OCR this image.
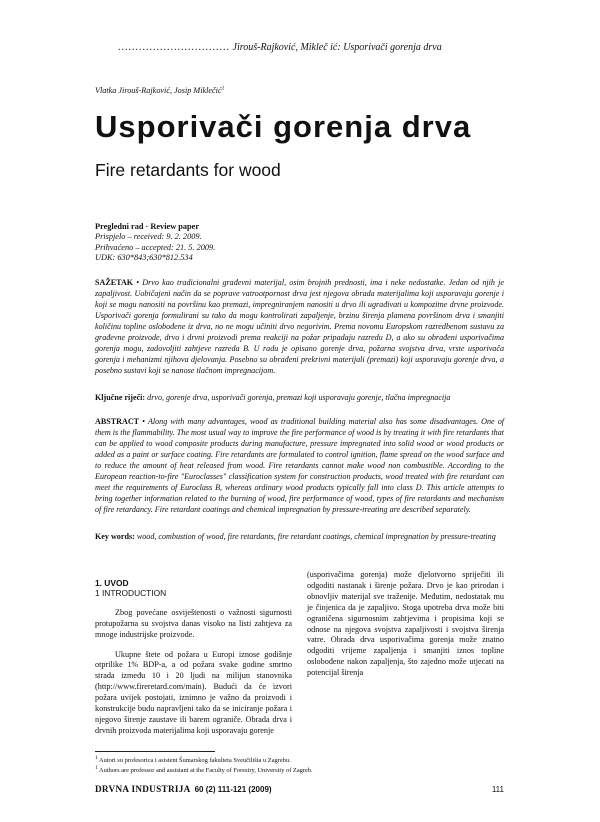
................................ Jirouš-Rajković, Mikleč ić: Usporivači gorenja drva
Vlatka Jirouš-Rajković, Josip Miklečić$^1$
Usporivači gorenja drva
Fire retardants for wood
Pregledni rad · Review paper
Prispjelo – received: 9. 2. 2009.
Prihvaćeno – accepted: 21. 5. 2009.
UDK: 630*843;630*812.534
SAŽETAK • Drvo kao tradicionalni građevni materijal, osim brojnih prednosti, ima i neke nedostatke. Jedan od njih je zapaljivost. Uobičajeni način da se poprave vatrootpornost drva jest njegova obrada materijalima koji usporavaju gorenje i koji se mogu nanositi na površinu kao premazi, impregniranjem nanositi u drvo ili ugrađivati u kompozitne drvne proizvode. Usporivači gorenja formulirani su tako da mogu kontrolirati zapaljenje, brzinu širenja plamena površinom drva i smanjiti količinu topline oslobođene iz drva, no ne mogu učiniti drvo negorivim. Prema novomu Europskom razredbenom sustavu za građevne proizvode, drvo i drvni proizvodi prema reakciji na požar pripadaju razredu D, a ako su obrađeni usporivačima gorenja mogu, zadovoljiti zahtjeve razreda B. U radu je opisano gorenje drva, požarna svojstva drva, vrste usporivača gorenja i mehanizmi njihova djelovanja. Posebno su obrađeni prekrivni materijali (premazi) koji usporavaju gorenje drva, a posebno sustavi koji se nanose tlačnom impregnacijom.
Ključne riječi: drvo, gorenje drva, usporivači gorenja, premazi koji usporavaju gorenje, tlačna impregnacija
ABSTRACT • Along with many advantages, wood as traditional building material also has some disadvantages. One of them is the flammability. The most usual way to improve the fire performance of wood is by treating it with fire retardants that can be applied to wood composite products during manufacture, pressure impregnated into solid wood or wood products or added as a paint or surface coating. Fire retardants are formulated to control ignition, flame spread on the wood surface and to reduce the amount of heat released from wood. Fire retardants cannot make wood non combustible. According to the European reaction-to-fire "Euroclasses" classification system for construction products, wood treated with fire retardant can meet the requirements of Euroclass B, whereas ordinary wood products typically fall into class D. This article attempts to bring together information related to the burning of wood, fire performance of wood, types of fire retardants and mechanism of fire retardancy. Fire retardant coatings and chemical impregnation by pressure-treating are described separately.
Key words: wood, combustion of wood, fire retardants, fire retardant coatings, chemical impregnation by pressure-treating
1. UVOD
1 INTRODUCTION

Zbog povećane osviještenosti o važnosti sigurnosti protupožarna su svojstva danas visoko na listi zahtjeva za mnoge industrijske proizvode.

Ukupne štete od požara u Europi iznose godišnje otprilike 1% BDP-a, a od požara svake godine smrtno strada između 10 i 20 ljudi na milijun stanovnika (http://www.fireretard.com/main). Budući da će izvori požara uvijek postojati, iznimno je važno da proizvodi i konstrukcije budu napravljeni tako da se iniciranje požara i njegovo širenje zaustave ili barem ograniče. Obrada drva i drvnih proizvoda materijalima koji usporavaju gorenje

(usporivačima gorenja) može djelotvorno spriječiti ili odgoditi nastanak i širenje požara. Drvo je kao prirodan i obnovljiv materijal sve traženije. Međutim, nedostatak mu je činjenica da je zapaljivo. Stoga upotreba drva može biti ograničena sigurnosnim zahtjevima i propisima koji se odnose na njegova svojstva zapaljivosti i svojstva širenja vatre. Obrada drva usporivačima gorenja može znatno odgoditi vrijeme zapaljenja i smanjiti iznos topline oslobođene nakon zapaljenja, što zajedno može utjecati na potencijal širenja

$^1$ Autori su profesorica i asistent Šumarskog fakulteta Sveučilišta u Zagrebu.
$^1$ Authors are professor and assistant at the Faculty of Forestry, University of Zagreb.
DRVNA INDUSTRIJA 60 (2) 111-121 (2009)	111
